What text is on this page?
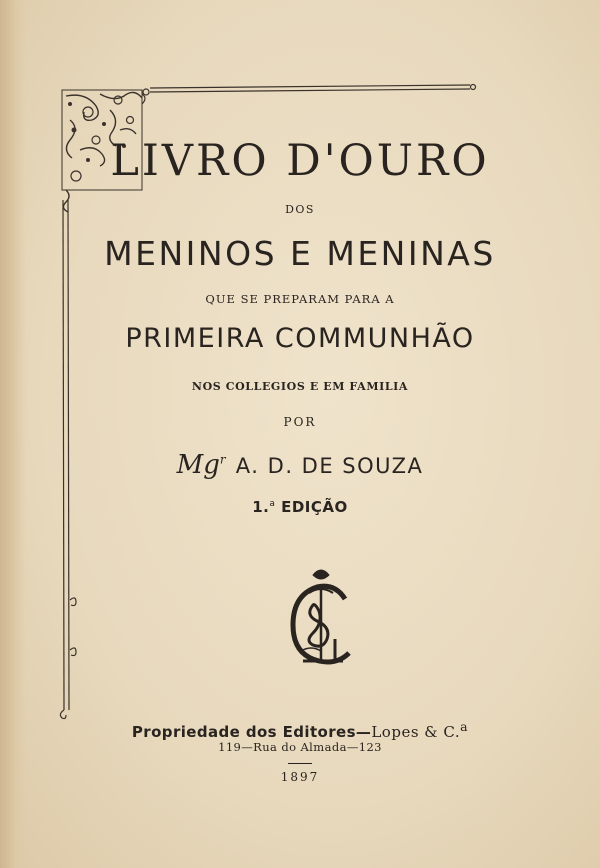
LIVRO D'OURO
DOS
MENINOS E MENINAS
QUE SE PREPARAM PARA A
PRIMEIRA COMMUNHÃO
NOS COLLEGIOS E EM FAMILIA
POR
Mg$^r$ A. D. DE SOUZA
1.$^a$ EDIÇÃO
Propriedade dos Editores—Lopes & C.$^a$
119—Rua do Almada—123
1897
